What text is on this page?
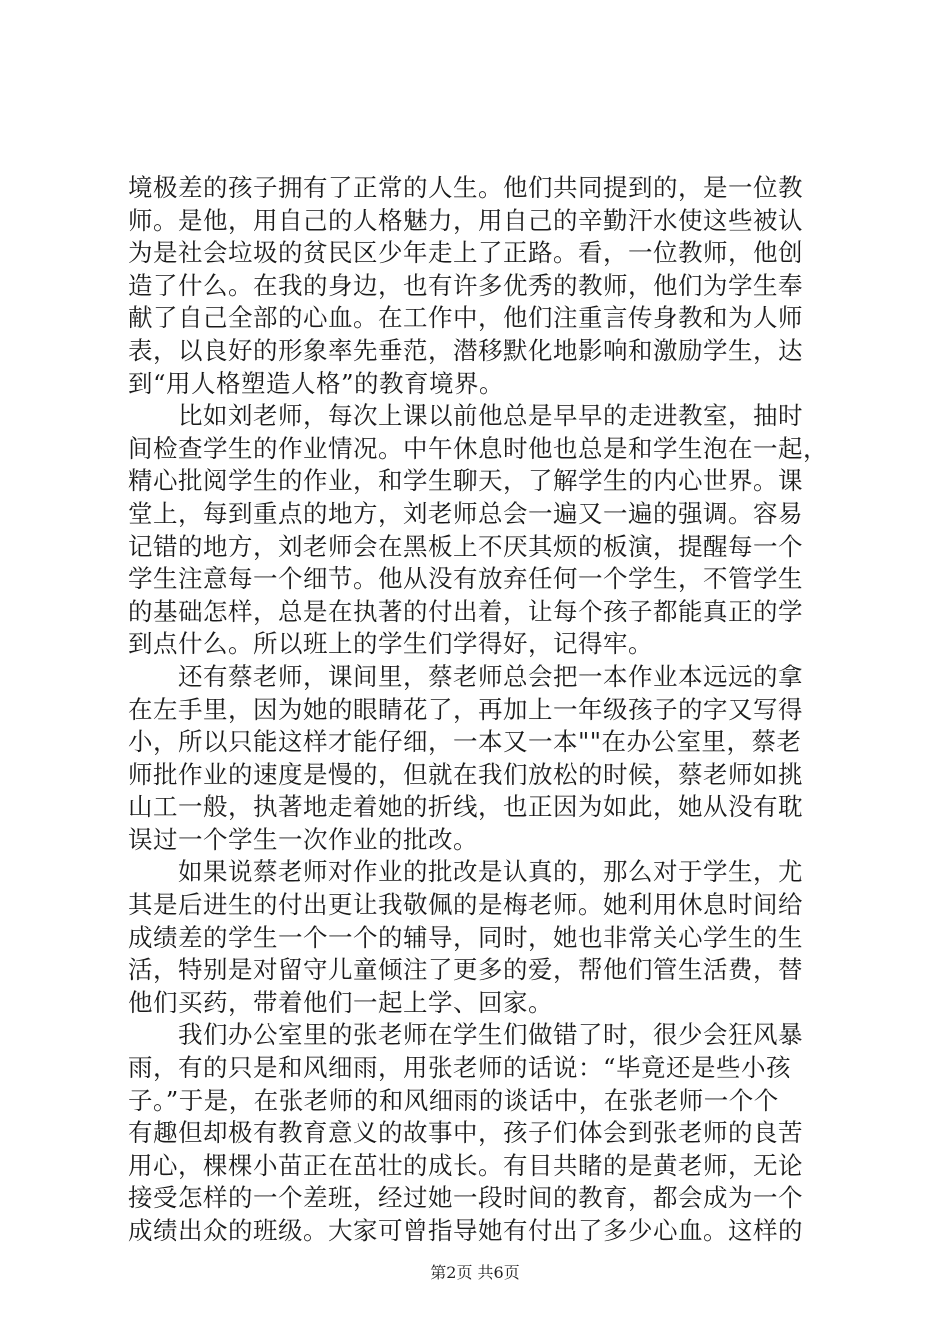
境极差的孩子拥有了正常的人生。他们共同提到的，是一位教
师。是他，用自己的人格魅力，用自己的辛勤汗水使这些被认
为是社会垃圾的贫民区少年走上了正路。看，一位教师，他创
造了什么。在我的身边，也有许多优秀的教师，他们为学生奉
献了自己全部的心血。在工作中，他们注重言传身教和为人师
表，以良好的形象率先垂范，潜移默化地影响和激励学生，达
到“用人格塑造人格”的教育境界。
　　比如刘老师，每次上课以前他总是早早的走进教室，抽时
间检查学生的作业情况。中午休息时他也总是和学生泡在一起，
精心批阅学生的作业，和学生聊天，了解学生的内心世界。课
堂上，每到重点的地方，刘老师总会一遍又一遍的强调。容易
记错的地方，刘老师会在黑板上不厌其烦的板演，提醒每一个
学生注意每一个细节。他从没有放弃任何一个学生，不管学生
的基础怎样，总是在执著的付出着，让每个孩子都能真正的学
到点什么。所以班上的学生们学得好，记得牢。
　　还有蔡老师，课间里，蔡老师总会把一本作业本远远的拿
在左手里，因为她的眼睛花了，再加上一年级孩子的字又写得
小，所以只能这样才能仔细，一本又一本""在办公室里，蔡老
师批作业的速度是慢的，但就在我们放松的时候，蔡老师如挑
山工一般，执著地走着她的折线，也正因为如此，她从没有耽
误过一个学生一次作业的批改。
　　如果说蔡老师对作业的批改是认真的，那么对于学生，尤
其是后进生的付出更让我敬佩的是梅老师。她利用休息时间给
成绩差的学生一个一个的辅导，同时，她也非常关心学生的生
活，特别是对留守儿童倾注了更多的爱，帮他们管生活费，替
他们买药，带着他们一起上学、回家。
　　我们办公室里的张老师在学生们做错了时，很少会狂风暴
雨，有的只是和风细雨，用张老师的话说：“毕竟还是些小孩
子。”于是，在张老师的和风细雨的谈话中，在张老师一个个
有趣但却极有教育意义的故事中，孩子们体会到张老师的良苦
用心，棵棵小苗正在茁壮的成长。有目共睹的是黄老师，无论
接受怎样的一个差班，经过她一段时间的教育，都会成为一个
成绩出众的班级。大家可曾指导她有付出了多少心血。这样的
第2页 共6页
